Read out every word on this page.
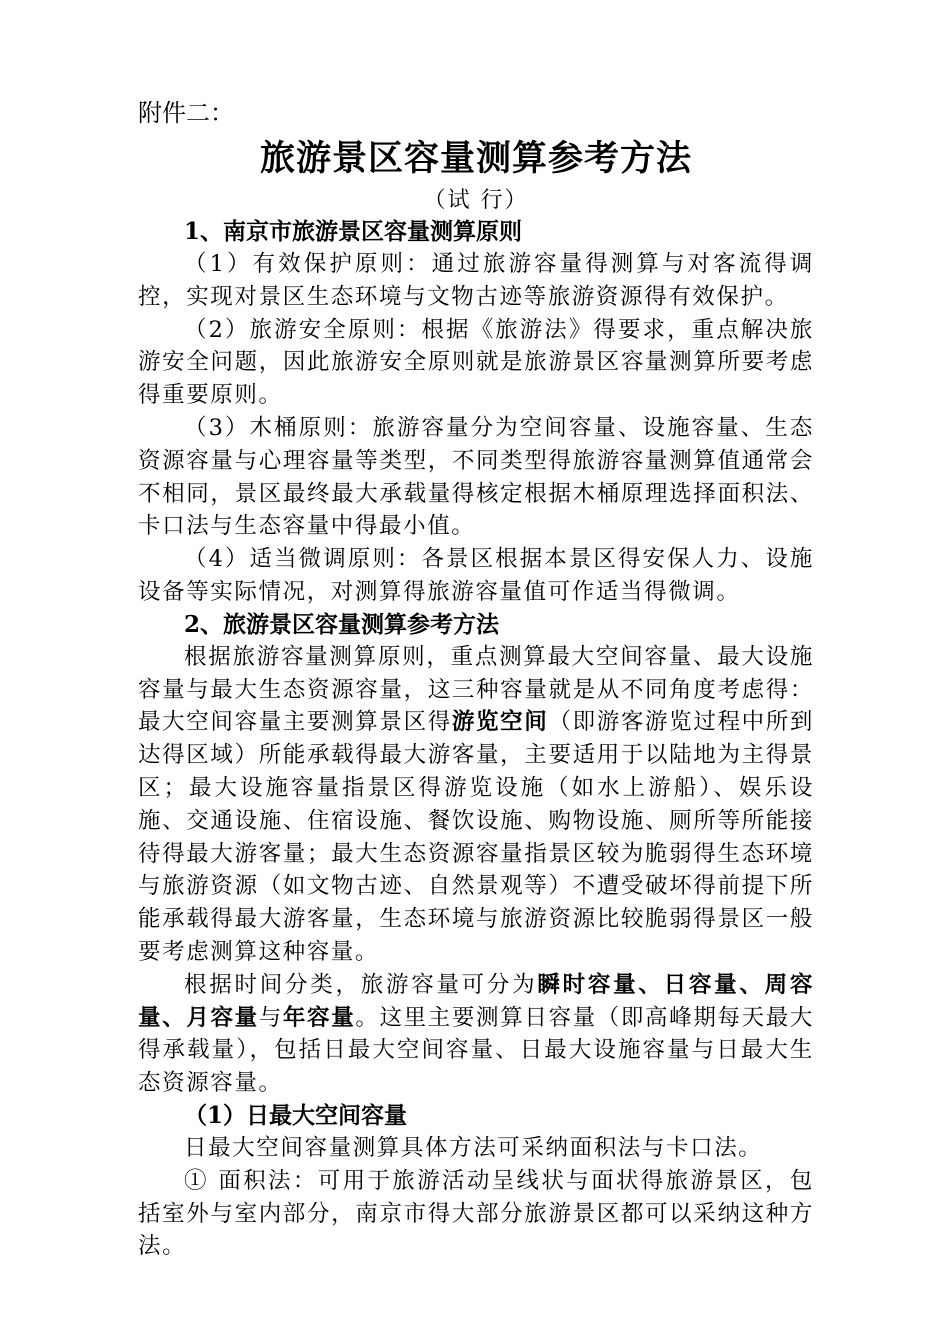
附件二：

旅游景区容量测算参考方法

（试 行）

1、南京市旅游景区容量测算原则

（1）有效保护原则：通过旅游容量得测算与对客流得调控，实现对景区生态环境与文物古迹等旅游资源得有效保护。

（2）旅游安全原则：根据《旅游法》得要求，重点解决旅游安全问题，因此旅游安全原则就是旅游景区容量测算所要考虑得重要原则。

（3）木桶原则：旅游容量分为空间容量、设施容量、生态资源容量与心理容量等类型，不同类型得旅游容量测算值通常会不相同，景区最终最大承载量得核定根据木桶原理选择面积法、卡口法与生态容量中得最小值。

（4）适当微调原则：各景区根据本景区得安保人力、设施设备等实际情况，对测算得旅游容量值可作适当得微调。

2、旅游景区容量测算参考方法

根据旅游容量测算原则，重点测算最大空间容量、最大设施容量与最大生态资源容量，这三种容量就是从不同角度考虑得：最大空间容量主要测算景区得游览空间（即游客游览过程中所到达得区域）所能承载得最大游客量，主要适用于以陆地为主得景区；最大设施容量指景区得游览设施（如水上游船）、娱乐设施、交通设施、住宿设施、餐饮设施、购物设施、厕所等所能接待得最大游客量；最大生态资源容量指景区较为脆弱得生态环境与旅游资源（如文物古迹、自然景观等）不遭受破坏得前提下所能承载得最大游客量，生态环境与旅游资源比较脆弱得景区一般要考虑测算这种容量。

根据时间分类，旅游容量可分为瞬时容量、日容量、周容量、月容量与年容量。这里主要测算日容量（即高峰期每天最大得承载量），包括日最大空间容量、日最大设施容量与日最大生态资源容量。

（1）日最大空间容量

日最大空间容量测算具体方法可采纳面积法与卡口法。

① 面积法：可用于旅游活动呈线状与面状得旅游景区，包括室外与室内部分，南京市得大部分旅游景区都可以采纳这种方法。
